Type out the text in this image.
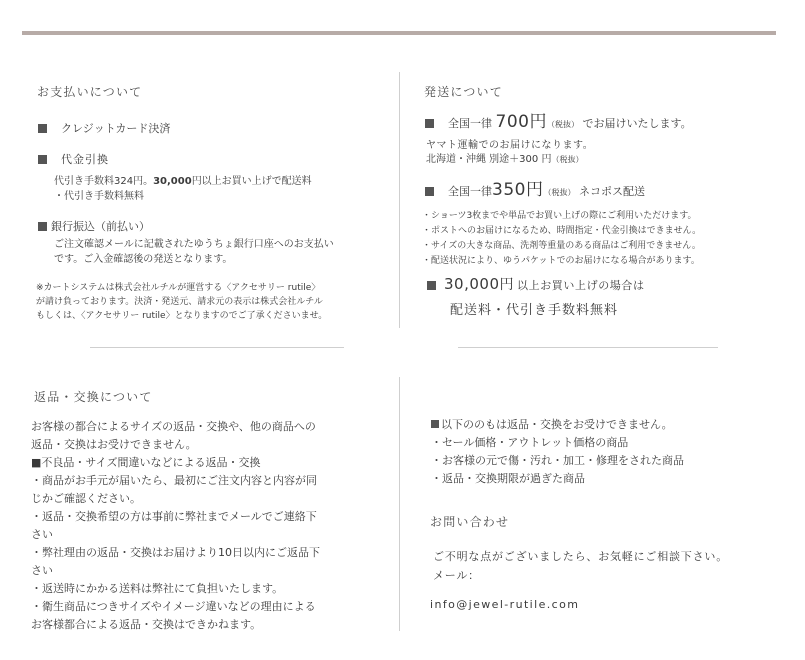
お支払いについて
クレジットカード決済
代金引換
代引き手数料324円。30,000円以上お買い上げで配送料
・代引き手数料無料
銀行振込（前払い）
ご注文確認メールに記載されたゆうちょ銀行口座へのお支払い
です。ご入金確認後の発送となります。
※カートシステムは株式会社ルチルが運営する〈アクセサリー rutile〉
が請け負っております。決済・発送元、請求元の表示は株式会社ルチル
もしくは、〈アクセサリー rutile〉となりますのでご了承くださいませ。
発送について
全国一律 700円（税抜） でお届けいたします。
ヤマト運輸でのお届けになります。
北海道・沖縄 別途＋300 円（税抜）
全国一律350円（税抜） ネコポス配送
・ショーツ3枚までや単品でお買い上げの際にご利用いただけます。
・ポストへのお届けになるため、時間指定・代金引換はできません。
・サイズの大きな商品、洗剤等重量のある商品はご利用できません。
・配送状況により、ゆうパケットでのお届けになる場合があります。
30,000円 以上お買い上げの場合は
配送料・代引き手数料無料
返品・交換について
お客様の都合によるサイズの返品・交換や、他の商品への
返品・交換はお受けできません。
■不良品・サイズ間違いなどによる返品・交換
・商品がお手元が届いたら、最初にご注文内容と内容が同
じかご確認ください。
・返品・交換希望の方は事前に弊社までメールでご連絡下
さい
・弊社理由の返品・交換はお届けより10日以内にご返品下
さい
・返送時にかかる送料は弊社にて負担いたします。
・衛生商品につきサイズやイメージ違いなどの理由による
お客様都合による返品・交換はできかねます。
以下ののもは返品・交換をお受けできません。
・セール価格・アウトレット価格の商品
・お客様の元で傷・汚れ・加工・修理をされた商品
・返品・交換期限が過ぎた商品
お問い合わせ
ご不明な点がございましたら、お気軽にご相談下さい。
メール：
info@jewel-rutile.com
